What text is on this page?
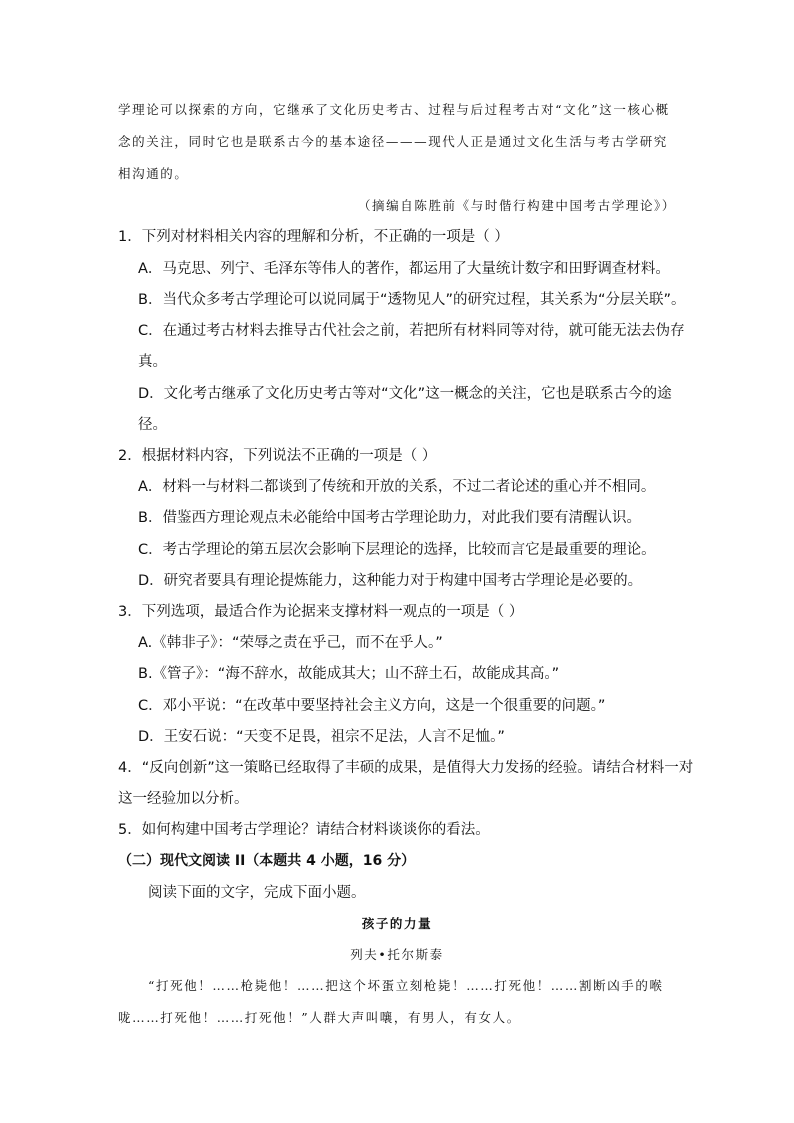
学理论可以探索的方向，它继承了文化历史考古、过程与后过程考古对“文化”这一核心概
念的关注，同时它也是联系古今的基本途径———现代人正是通过文化生活与考古学研究
相沟通的。
（摘编自陈胜前《与时偕行构建中国考古学理论》）
1．下列对材料相关内容的理解和分析，不正确的一项是（ ）
A．马克思、列宁、毛泽东等伟人的著作，都运用了大量统计数字和田野调查材料。
B．当代众多考古学理论可以说同属于“透物见人”的研究过程，其关系为“分层关联”。
C．在通过考古材料去推导古代社会之前，若把所有材料同等对待，就可能无法去伪存
真。
D．文化考古继承了文化历史考古等对“文化”这一概念的关注，它也是联系古今的途
径。
2．根据材料内容，下列说法不正确的一项是（ ）
A．材料一与材料二都谈到了传统和开放的关系，不过二者论述的重心并不相同。
B．借鉴西方理论观点未必能给中国考古学理论助力，对此我们要有清醒认识。
C．考古学理论的第五层次会影响下层理论的选择，比较而言它是最重要的理论。
D．研究者要具有理论提炼能力，这种能力对于构建中国考古学理论是必要的。
3．下列选项，最适合作为论据来支撑材料一观点的一项是（ ）
A.《韩非子》：“荣辱之责在乎己，而不在乎人。”
B.《管子》：“海不辞水，故能成其大；山不辞土石，故能成其高。”
C．邓小平说：“在改革中要坚持社会主义方向，这是一个很重要的问题。”
D．王安石说：“天变不足畏，祖宗不足法，人言不足恤。”
4．“反向创新”这一策略已经取得了丰硕的成果，是值得大力发扬的经验。请结合材料一对
这一经验加以分析。
5．如何构建中国考古学理论？请结合材料谈谈你的看法。
（二）现代文阅读 II（本题共 4 小题，16 分）
阅读下面的文字，完成下面小题。
孩子的力量
列夫•托尔斯泰
“打死他！……枪毙他！……把这个坏蛋立刻枪毙！……打死他！……割断凶手的喉
咙……打死他！……打死他！”人群大声叫嚷，有男人，有女人。
